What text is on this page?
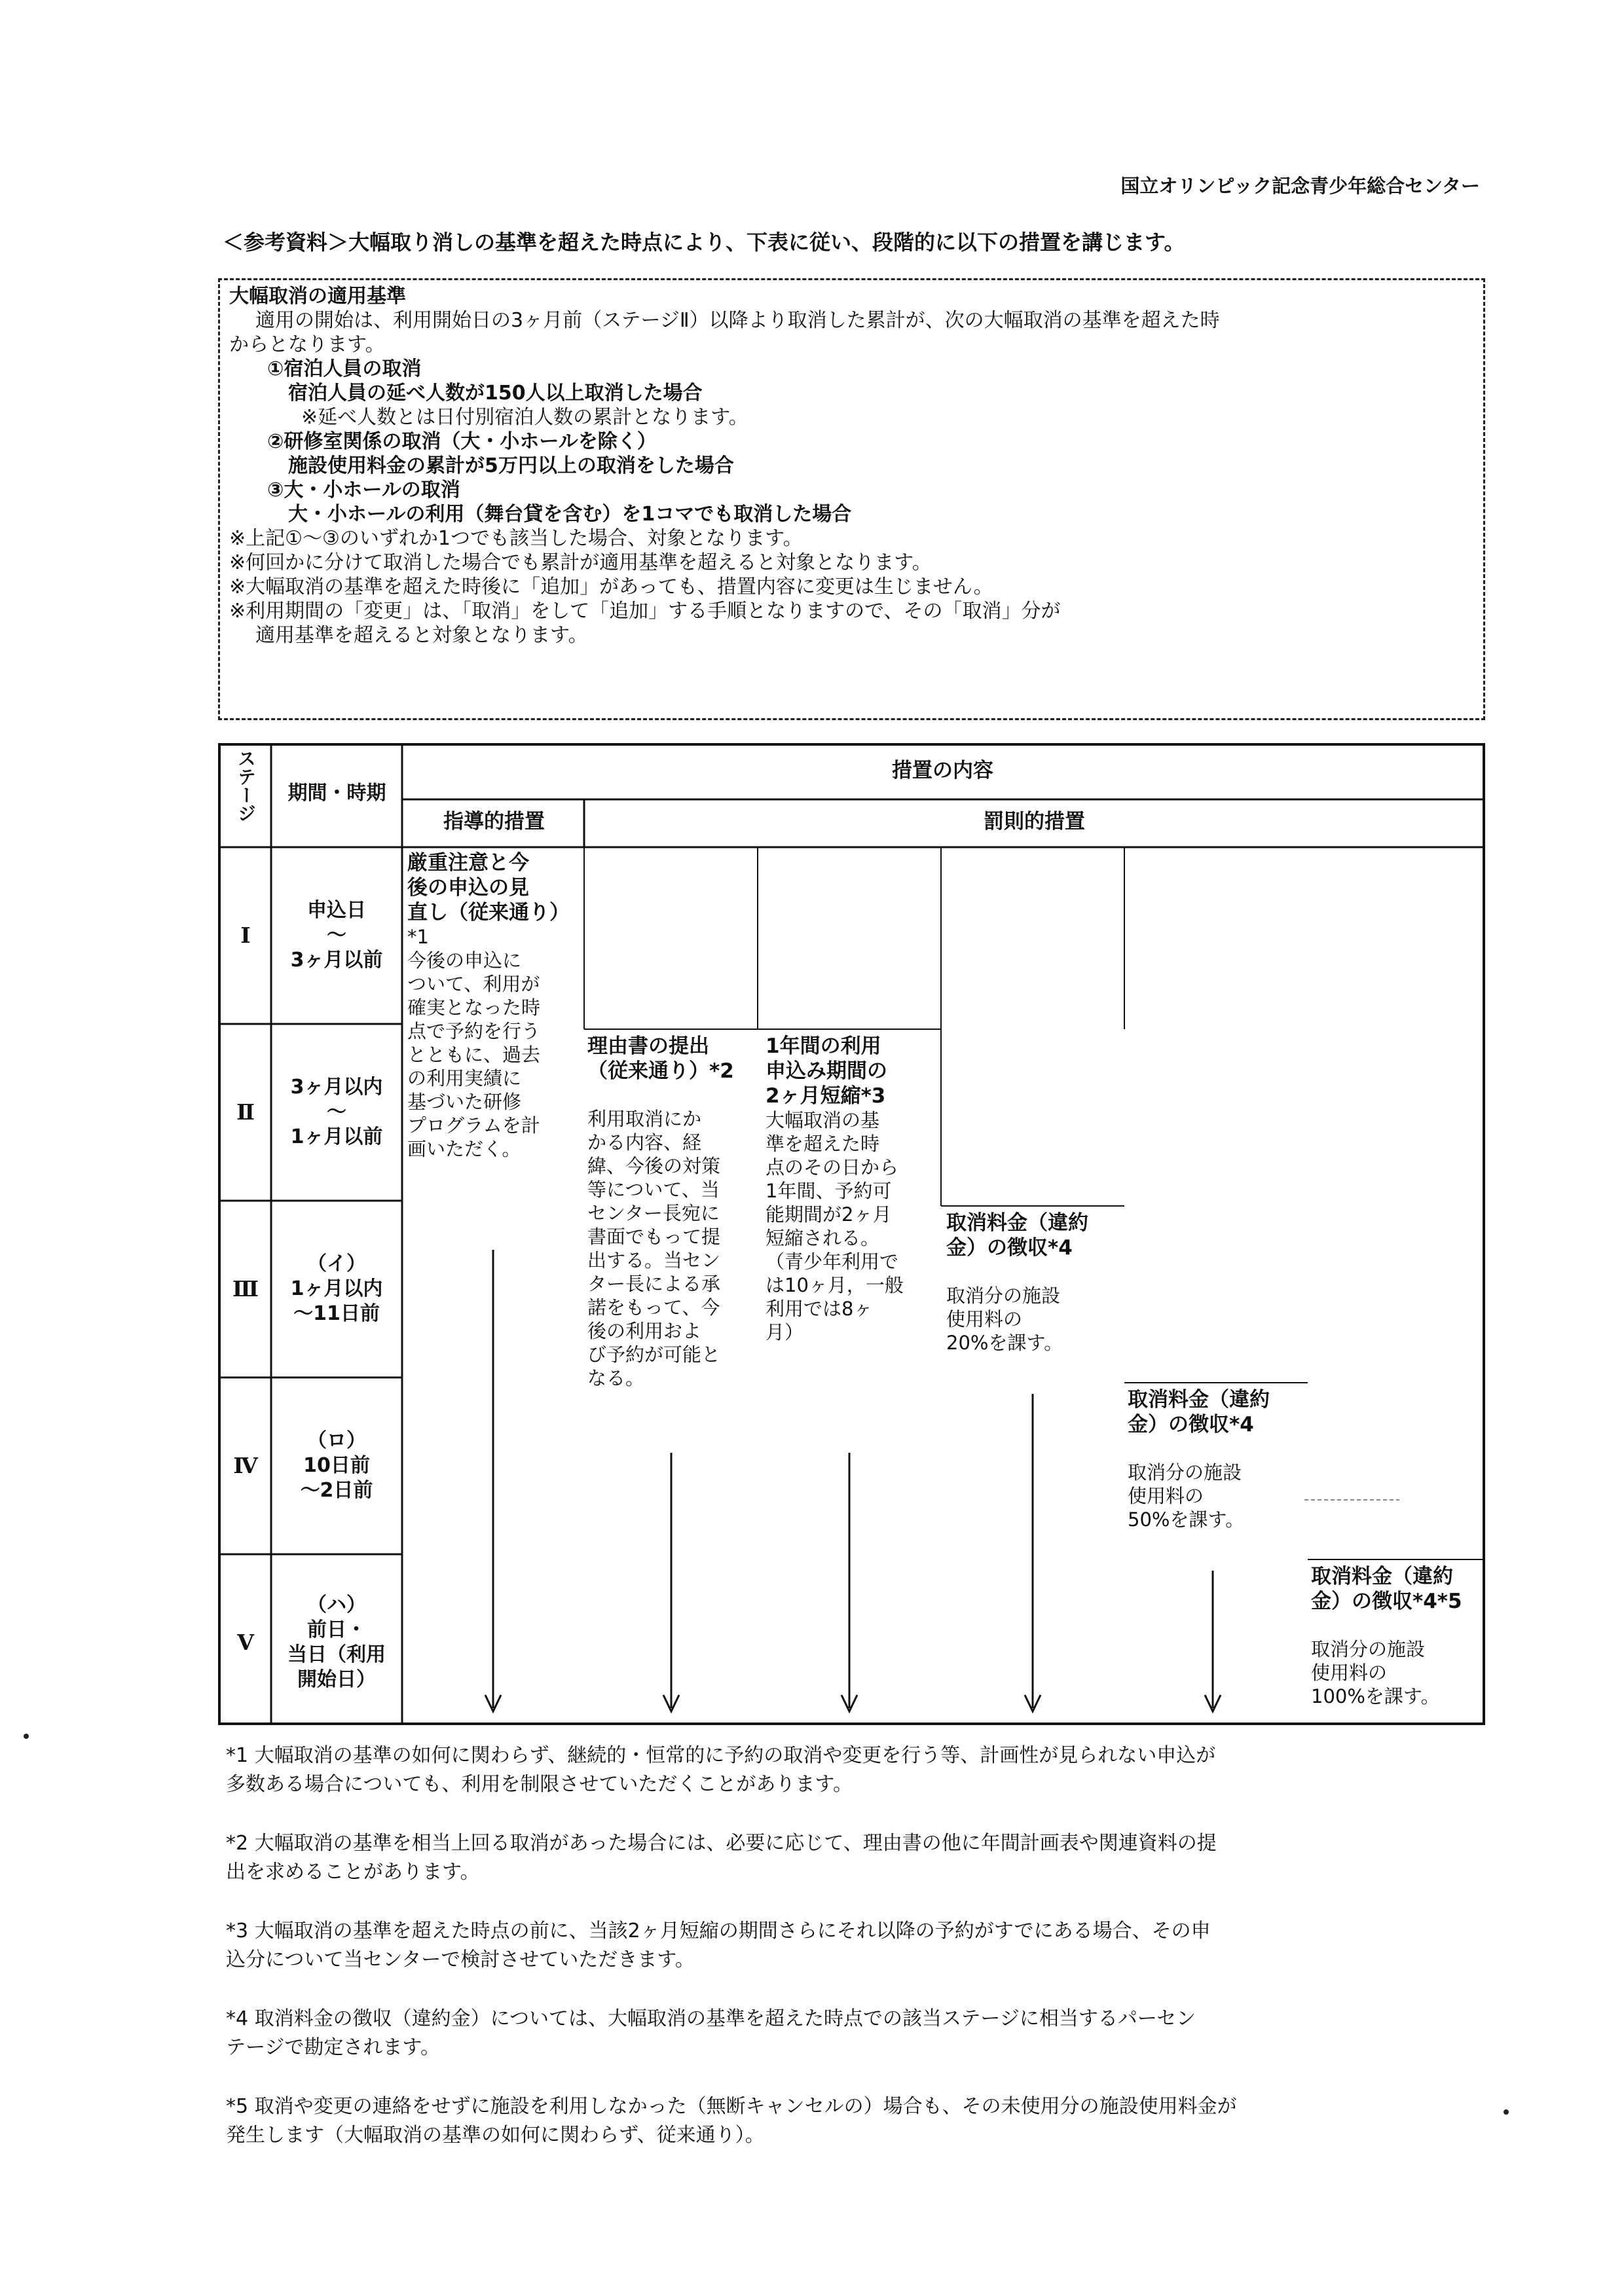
国立オリンピック記念青少年総合センター
＜参考資料＞大幅取り消しの基準を超えた時点により、下表に従い、段階的に以下の措置を講じます。
大幅取消の適用基準
適用の開始は、利用開始日の3ヶ月前（ステージⅡ）以降より取消した累計が、次の大幅取消の基準を超えた時
からとなります。
①宿泊人員の取消
宿泊人員の延べ人数が150人以上取消した場合
※延べ人数とは日付別宿泊人数の累計となります。
②研修室関係の取消（大・小ホールを除く）
施設使用料金の累計が5万円以上の取消をした場合
③大・小ホールの取消
大・小ホールの利用（舞台貸を含む）を1コマでも取消した場合
※上記①～③のいずれか1つでも該当した場合、対象となります。
※何回かに分けて取消した場合でも累計が適用基準を超えると対象となります。
※大幅取消の基準を超えた時後に「追加」があっても、措置内容に変更は生じません。
※利用期間の「変更」は、「取消」をして「追加」する手順となりますので、その「取消」分が
適用基準を超えると対象となります。
ステージ	期間・時期
措置の内容
指導的措置	罰則的措置
Ⅰ
申込日
～
3ヶ月以前
Ⅱ
3ヶ月以内
～
1ヶ月以前
Ⅲ
（イ）
1ヶ月以内
～11日前
Ⅳ
（ロ）
10日前
～2日前
Ⅴ
（ハ）
前日・
当日（利用
開始日）
厳重注意と今
後の申込の見
直し（従来通り）
*1
今後の申込に
ついて、利用が
確実となった時
点で予約を行う
とともに、過去
の利用実績に
基づいた研修
プログラムを計
画いただく。
理由書の提出
（従来通り）*2
利用取消にか
かる内容、経
緯、今後の対策
等について、当
センター長宛に
書面でもって提
出する。当セン
ター長による承
諾をもって、今
後の利用およ
び予約が可能と
なる。
1年間の利用
申込み期間の
2ヶ月短縮*3
大幅取消の基
準を超えた時
点のその日から
1年間、予約可
能期間が2ヶ月
短縮される。
（青少年利用で
は10ヶ月，一般
利用では8ヶ
月）
取消料金（違約
金）の徴収*4
取消分の施設
使用料の
20%を課す。
取消料金（違約
金）の徴収*4
取消分の施設
使用料の
50%を課す。
取消料金（違約
金）の徴収*4*5
取消分の施設
使用料の
100%を課す。
*1 大幅取消の基準の如何に関わらず、継続的・恒常的に予約の取消や変更を行う等、計画性が見られない申込が
多数ある場合についても、利用を制限させていただくことがあります。
*2 大幅取消の基準を相当上回る取消があった場合には、必要に応じて、理由書の他に年間計画表や関連資料の提
出を求めることがあります。
*3 大幅取消の基準を超えた時点の前に、当該2ヶ月短縮の期間さらにそれ以降の予約がすでにある場合、その申
込分について当センターで検討させていただきます。
*4 取消料金の徴収（違約金）については、大幅取消の基準を超えた時点での該当ステージに相当するパーセン
テージで勘定されます。
*5 取消や変更の連絡をせずに施設を利用しなかった（無断キャンセルの）場合も、その未使用分の施設使用料金が
発生します（大幅取消の基準の如何に関わらず、従来通り）。
